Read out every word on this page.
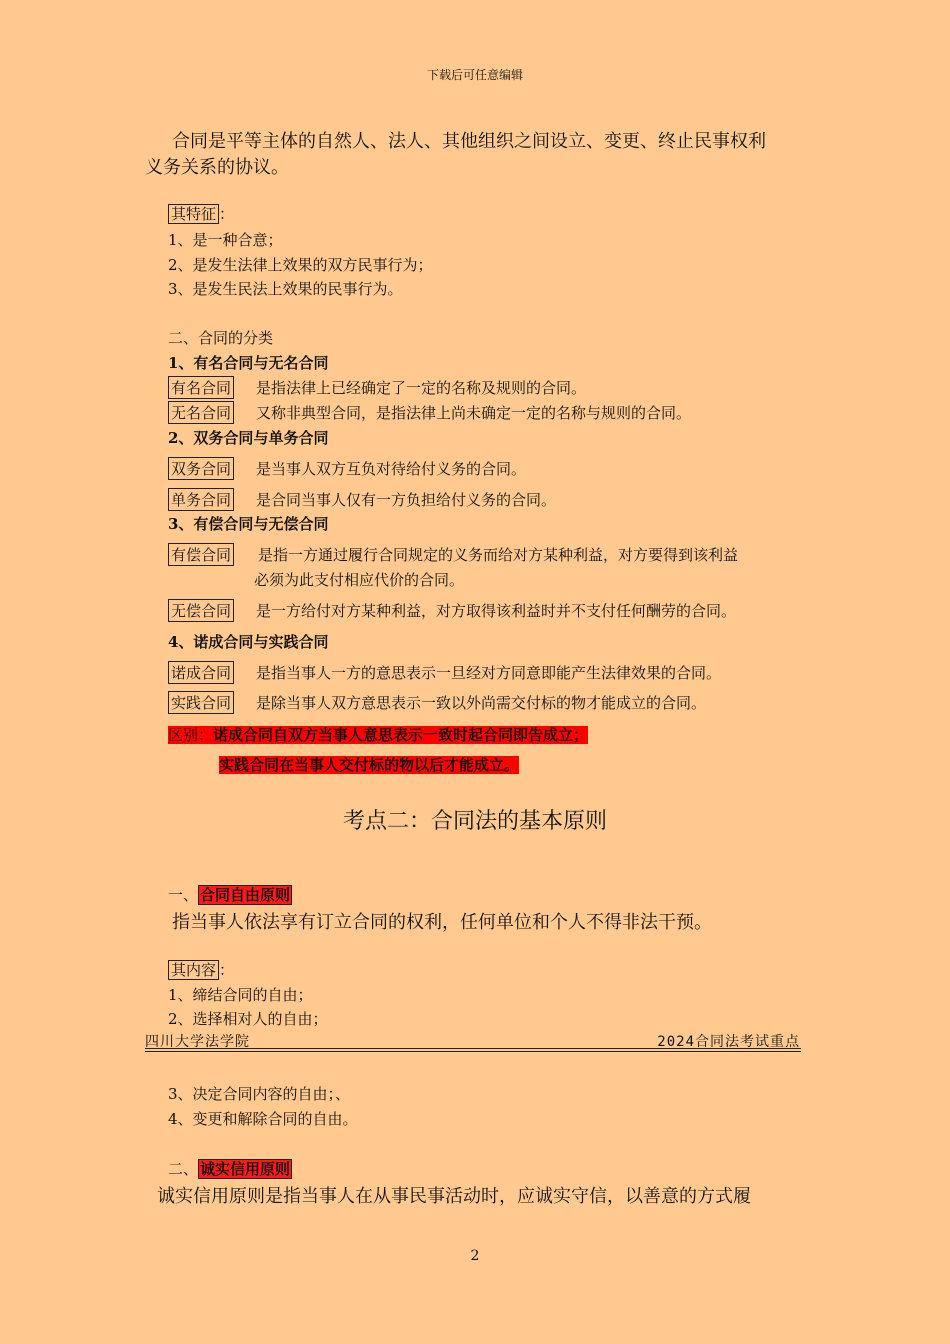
下载后可任意编辑
合同是平等主体的自然人、法人、其他组织之间设立、变更、终止民事权利
义务关系的协议。
其特征 ：
1、是一种合意；
2、是发生法律上效果的双方民事行为；
3、是发生民法上效果的民事行为。
二、合同的分类
1、有名合同与无名合同
有名合同 是指法律上已经确定了一定的名称及规则的合同。
无名合同 又称非典型合同，是指法律上尚未确定一定的名称与规则的合同。
2、双务合同与单务合同
双务合同 是当事人双方互负对待给付义务的合同。
单务合同 是合同当事人仅有一方负担给付义务的合同。
3、有偿合同与无偿合同
有偿合同 是指一方通过履行合同规定的义务而给对方某种利益，对方要得到该利益
必须为此支付相应代价的合同。
无偿合同 是一方给付对方某种利益，对方取得该利益时并不支付任何酬劳的合同。
4、诺成合同与实践合同
诺成合同 是指当事人一方的意思表示一旦经对方同意即能产生法律效果的合同。
实践合同 是除当事人双方意思表示一致以外尚需交付标的物才能成立的合同。
区别：诺成合同自双方当事人意思表示一致时起合同即告成立；
实践合同在当事人交付标的物以后才能成立。
考点二：合同法的基本原则
一、 合同自由原则
指当事人依法享有订立合同的权利，任何单位和个人不得非法干预。
其内容 ：
1、缔结合同的自由；
2、选择相对人的自由；
四川大学法学院	2024合同法考试重点
3、决定合同内容的自由；、
4、变更和解除合同的自由。
二、 诚实信用原则
诚实信用原则是指当事人在从事民事活动时，应诚实守信，以善意的方式履
2
